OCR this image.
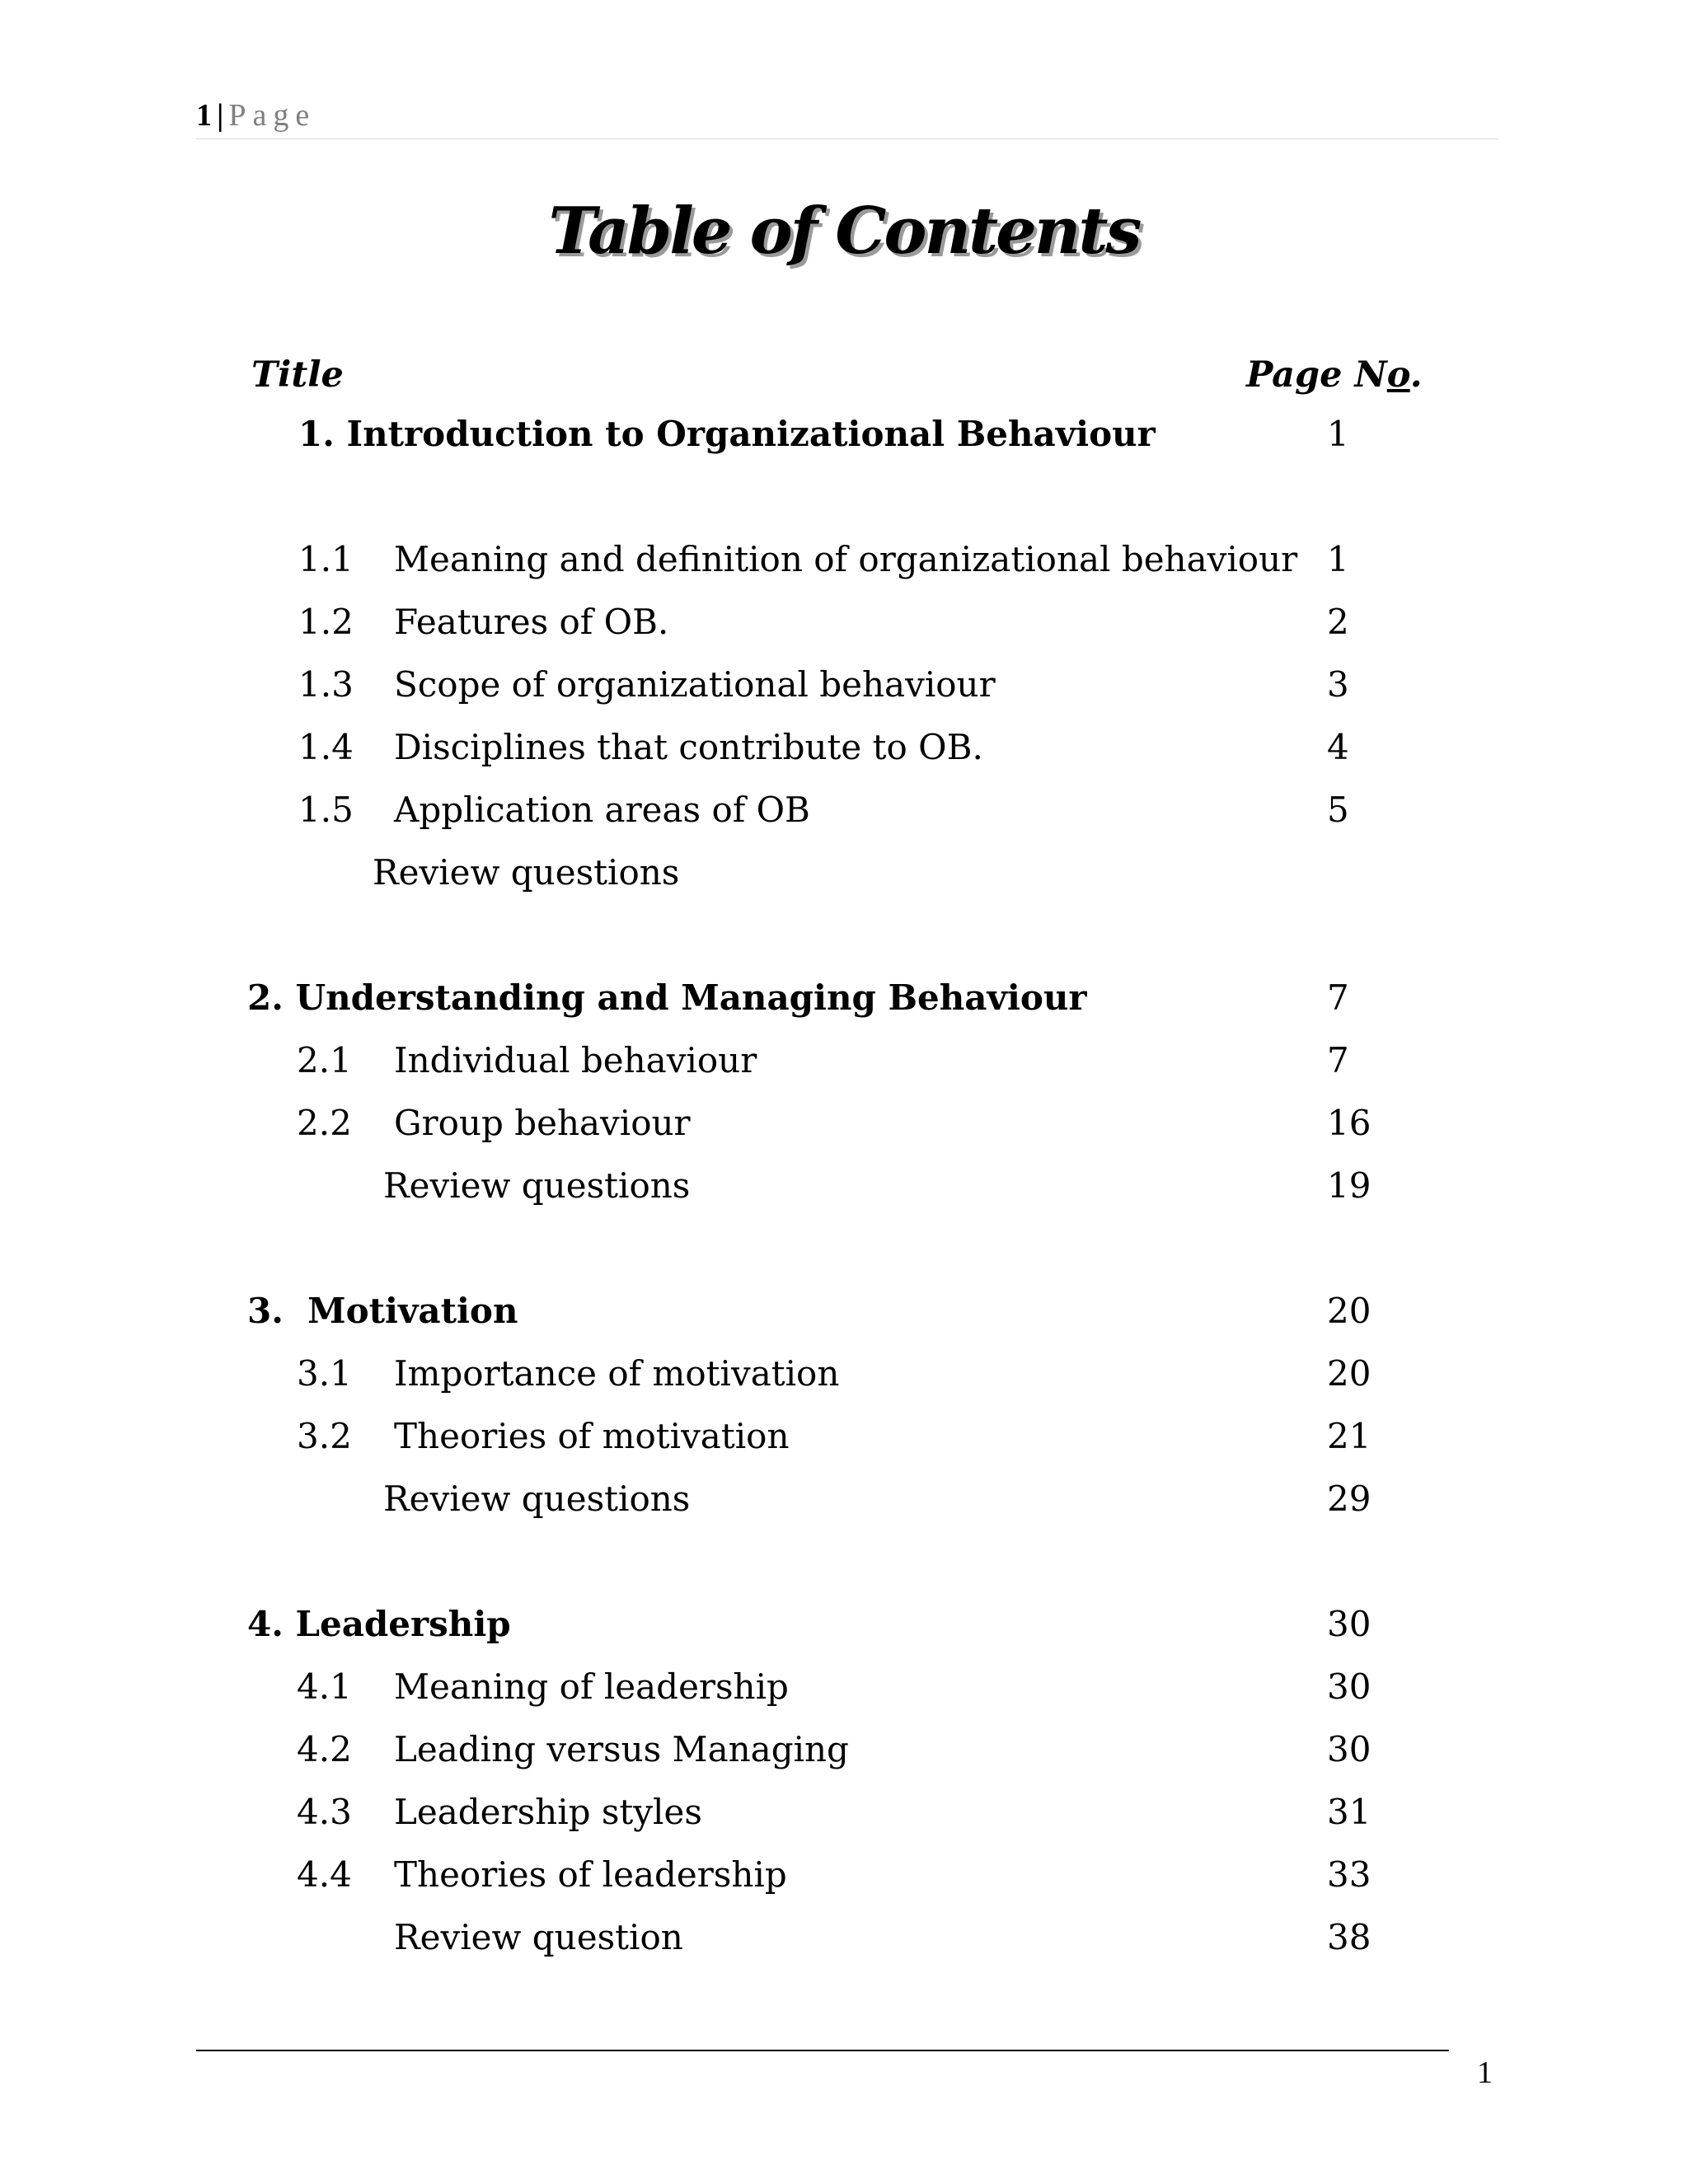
1 | Page
Table of Contents
Title	Page No.
1. Introduction to Organizational Behaviour	1
1.1 Meaning and definition of organizational behaviour 1
1.2 Features of OB.	2
1.3 Scope of organizational behaviour	3
1.4 Disciplines that contribute to OB.	4
1.5 Application areas of OB	5
Review questions
2. Understanding and Managing Behaviour	7
2.1 Individual behaviour	7
2.2 Group behaviour	16
Review questions	19
3.  Motivation	20
3.1 Importance of motivation	20
3.2 Theories of motivation	21
Review questions	29
4. Leadership	30
4.1 Meaning of leadership	30
4.2 Leading versus Managing	30
4.3 Leadership styles	31
4.4 Theories of leadership	33
Review question	38
1
